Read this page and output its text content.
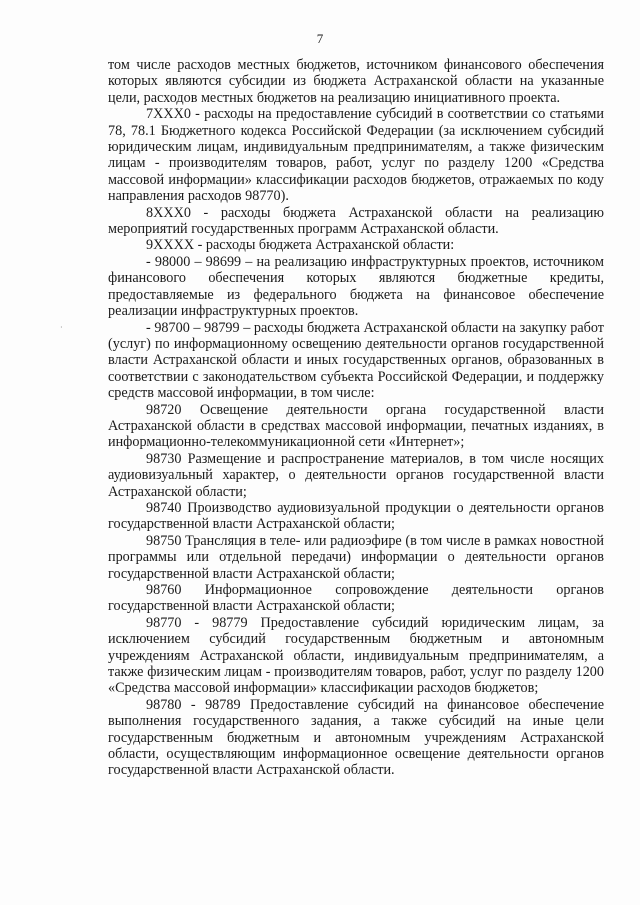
7
·

том числе расходов местных бюджетов, источником финансового обеспечения которых являются субсидии из бюджета Астраханской области на указанные цели, расходов местных бюджетов на реализацию инициативного проекта.

7ХХХ0 - расходы на предоставление субсидий в соответствии со статьями 78, 78.1 Бюджетного кодекса Российской Федерации (за исключением субсидий юридическим лицам, индивидуальным предпринимателям, а также физическим лицам - производителям товаров, работ, услуг по разделу 1200 «Средства массовой информации» классификации расходов бюджетов, отражаемых по коду направления расходов 98770).

8ХХХ0 - расходы бюджета Астраханской области на реализацию мероприятий государственных программ Астраханской области.

9ХХХХ - расходы бюджета Астраханской области:

- 98000 – 98699 – на реализацию инфраструктурных проектов, источником финансового обеспечения которых являются бюджетные кредиты, предоставляемые из федерального бюджета на финансовое обеспечение реализации инфраструктурных проектов.

- 98700 – 98799 – расходы бюджета Астраханской области на закупку работ (услуг) по информационному освещению деятельности органов государственной власти Астраханской области и иных государственных органов, образованных в соответствии с законодательством субъекта Российской Федерации, и поддержку средств массовой информации, в том числе:

98720 Освещение деятельности органа государственной власти Астраханской области в средствах массовой информации, печатных изданиях, в информационно-телекоммуникационной сети «Интернет»;

98730 Размещение и распространение материалов, в том числе носящих аудиовизуальный характер, о деятельности органов государственной власти Астраханской области;

98740 Производство аудиовизуальной продукции о деятельности органов государственной власти Астраханской области;

98750 Трансляция в теле- или радиоэфире (в том числе в рамках новостной программы или отдельной передачи) информации о деятельности органов государственной власти Астраханской области;

98760 Информационное сопровождение деятельности органов государственной власти Астраханской области;

98770 - 98779 Предоставление субсидий юридическим лицам, за исключением субсидий государственным бюджетным и автономным учреждениям Астраханской области, индивидуальным предпринимателям, а также физическим лицам - производителям товаров, работ, услуг по разделу 1200 «Средства массовой информации» классификации расходов бюджетов;

98780 - 98789 Предоставление субсидий на финансовое обеспечение выполнения государственного задания, а также субсидий на иные цели государственным бюджетным и автономным учреждениям Астраханской области, осуществляющим информационное освещение деятельности органов государственной власти Астраханской области.
